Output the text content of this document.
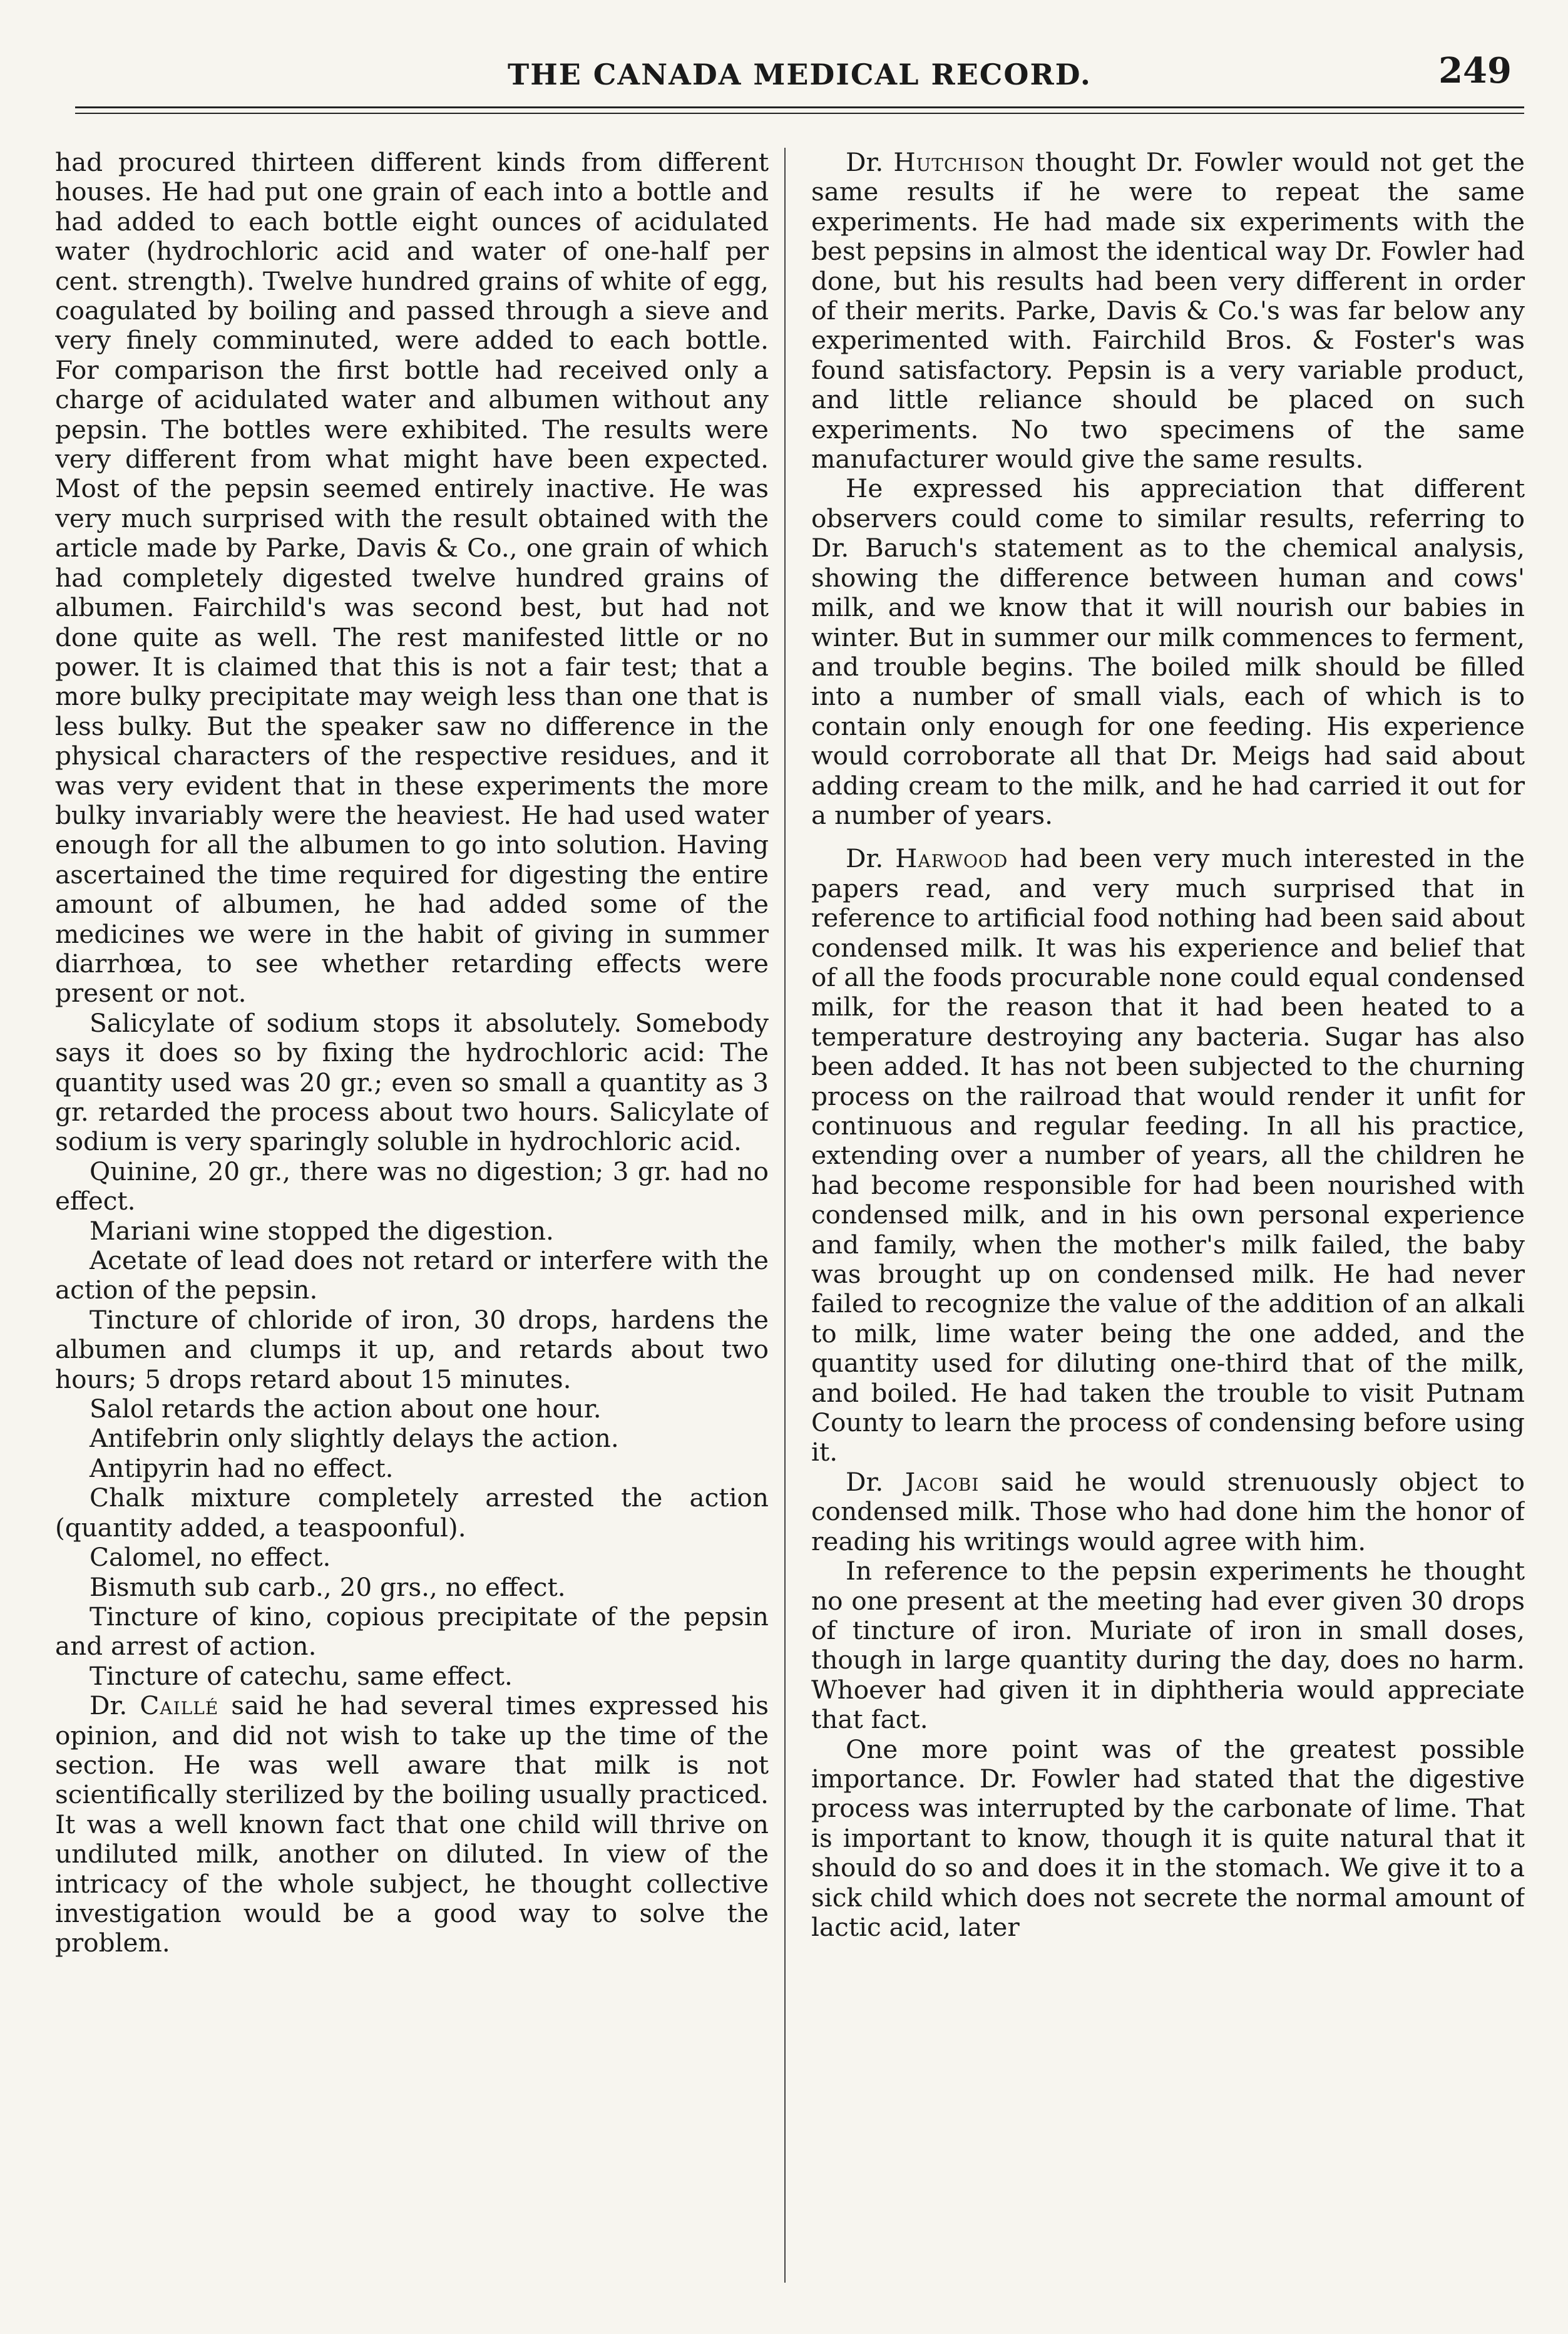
THE CANADA MEDICAL RECORD.	249

had procured thirteen different kinds from different houses. He had put one grain of each into a bottle and had added to each bottle eight ounces of acidulated water (hydrochloric acid and water of one-half per cent. strength). Twelve hundred grains of white of egg, coagulated by boiling and passed through a sieve and very finely comminuted, were added to each bottle. For comparison the first bottle had received only a charge of acidulated water and albumen without any pepsin. The bottles were exhibited. The results were very different from what might have been expected. Most of the pepsin seemed entirely inactive. He was very much surprised with the result obtained with the article made by Parke, Davis & Co., one grain of which had completely digested twelve hundred grains of albumen. Fairchild's was second best, but had not done quite as well. The rest manifested little or no power. It is claimed that this is not a fair test; that a more bulky precipitate may weigh less than one that is less bulky. But the speaker saw no difference in the physical characters of the respective residues, and it was very evident that in these experiments the more bulky invariably were the heaviest. He had used water enough for all the albumen to go into solution. Having ascertained the time required for digesting the entire amount of albumen, he had added some of the medicines we were in the habit of giving in summer diarrhœa, to see whether retarding effects were present or not.

Salicylate of sodium stops it absolutely. Somebody says it does so by fixing the hydrochloric acid: The quantity used was 20 gr.; even so small a quantity as 3 gr. retarded the process about two hours. Salicylate of sodium is very sparingly soluble in hydrochloric acid.

Quinine, 20 gr., there was no digestion; 3 gr. had no effect.

Mariani wine stopped the digestion.

Acetate of lead does not retard or interfere with the action of the pepsin.

Tincture of chloride of iron, 30 drops, hardens the albumen and clumps it up, and retards about two hours; 5 drops retard about 15 minutes.

Salol retards the action about one hour.

Antifebrin only slightly delays the action.

Antipyrin had no effect.

Chalk mixture completely arrested the action (quantity added, a teaspoonful).

Calomel, no effect.

Bismuth sub carb., 20 grs., no effect.

Tincture of kino, copious precipitate of the pepsin and arrest of action.

Tincture of catechu, same effect.

Dr. Caillé said he had several times expressed his opinion, and did not wish to take up the time of the section. He was well aware that milk is not scientifically sterilized by the boiling usually practiced. It was a well known fact that one child will thrive on undiluted milk, another on diluted. In view of the intricacy of the whole subject, he thought collective investigation would be a good way to solve the problem.

Dr. Hutchison thought Dr. Fowler would not get the same results if he were to repeat the same experiments. He had made six experiments with the best pepsins in almost the identical way Dr. Fowler had done, but his results had been very different in order of their merits. Parke, Davis & Co.'s was far below any experimented with. Fairchild Bros. & Foster's was found satisfactory. Pepsin is a very variable product, and little reliance should be placed on such experiments. No two specimens of the same manufacturer would give the same results.

He expressed his appreciation that different observers could come to similar results, referring to Dr. Baruch's statement as to the chemical analysis, showing the difference between human and cows' milk, and we know that it will nourish our babies in winter. But in summer our milk commences to ferment, and trouble begins. The boiled milk should be filled into a number of small vials, each of which is to contain only enough for one feeding. His experience would corroborate all that Dr. Meigs had said about adding cream to the milk, and he had carried it out for a number of years.

Dr. Harwood had been very much interested in the papers read, and very much surprised that in reference to artificial food nothing had been said about condensed milk. It was his experience and belief that of all the foods procurable none could equal condensed milk, for the reason that it had been heated to a temperature destroying any bacteria. Sugar has also been added. It has not been subjected to the churning process on the railroad that would render it unfit for continuous and regular feeding. In all his practice, extending over a number of years, all the children he had become responsible for had been nourished with condensed milk, and in his own personal experience and family, when the mother's milk failed, the baby was brought up on condensed milk. He had never failed to recognize the value of the addition of an alkali to milk, lime water being the one added, and the quantity used for diluting one-third that of the milk, and boiled. He had taken the trouble to visit Putnam County to learn the process of condensing before using it.

Dr. Jacobi said he would strenuously object to condensed milk. Those who had done him the honor of reading his writings would agree with him.

In reference to the pepsin experiments he thought no one present at the meeting had ever given 30 drops of tincture of iron. Muriate of iron in small doses, though in large quantity during the day, does no harm. Whoever had given it in diphtheria would appreciate that fact.

One more point was of the greatest possible importance. Dr. Fowler had stated that the digestive process was interrupted by the carbonate of lime. That is important to know, though it is quite natural that it should do so and does it in the stomach. We give it to a sick child which does not secrete the normal amount of lactic acid, later
